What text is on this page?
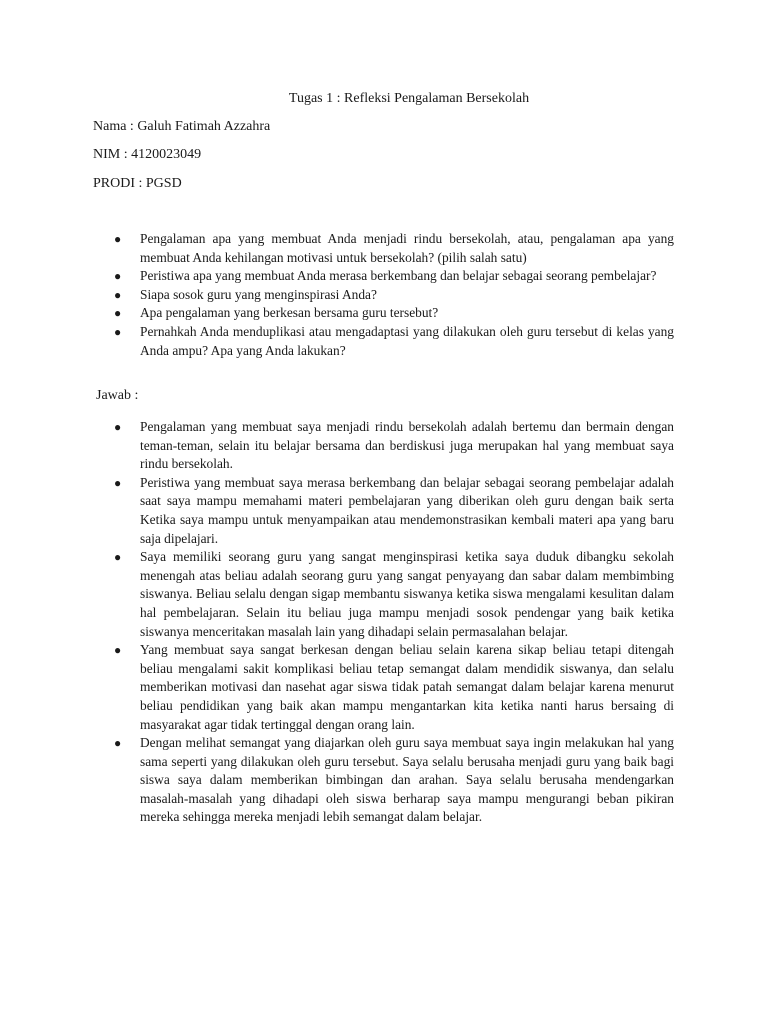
Tugas 1 : Refleksi Pengalaman Bersekolah
Nama : Galuh Fatimah Azzahra
NIM : 4120023049
PRODI : PGSD
● Pengalaman apa yang membuat Anda menjadi rindu bersekolah, atau, pengalaman apa yang membuat Anda kehilangan motivasi untuk bersekolah? (pilih salah satu)
● Peristiwa apa yang membuat Anda merasa berkembang dan belajar sebagai seorang pembelajar?
● Siapa sosok guru yang menginspirasi Anda?
● Apa pengalaman yang berkesan bersama guru tersebut?
● Pernahkah Anda menduplikasi atau mengadaptasi yang dilakukan oleh guru tersebut di kelas yang Anda ampu? Apa yang Anda lakukan?
Jawab :
● Pengalaman yang membuat saya menjadi rindu bersekolah adalah bertemu dan bermain dengan teman-teman, selain itu belajar bersama dan berdiskusi juga merupakan hal yang membuat saya rindu bersekolah.
● Peristiwa yang membuat saya merasa berkembang dan belajar sebagai seorang pembelajar adalah saat saya mampu memahami materi pembelajaran yang diberikan oleh guru dengan baik serta Ketika saya mampu untuk menyampaikan atau mendemonstrasikan kembali materi apa yang baru saja dipelajari.
● Saya memiliki seorang guru yang sangat menginspirasi ketika saya duduk dibangku sekolah menengah atas beliau adalah seorang guru yang sangat penyayang dan sabar dalam membimbing siswanya. Beliau selalu dengan sigap membantu siswanya ketika siswa mengalami kesulitan dalam hal pembelajaran. Selain itu beliau juga mampu menjadi sosok pendengar yang baik ketika siswanya menceritakan masalah lain yang dihadapi selain permasalahan belajar.
● Yang membuat saya sangat berkesan dengan beliau selain karena sikap beliau tetapi ditengah beliau mengalami sakit komplikasi beliau tetap semangat dalam mendidik siswanya, dan selalu memberikan motivasi dan nasehat agar siswa tidak patah semangat dalam belajar karena menurut beliau pendidikan yang baik akan mampu mengantarkan kita ketika nanti harus bersaing di masyarakat agar tidak tertinggal dengan orang lain.
● Dengan melihat semangat yang diajarkan oleh guru saya membuat saya ingin melakukan hal yang sama seperti yang dilakukan oleh guru tersebut. Saya selalu berusaha menjadi guru yang baik bagi siswa saya dalam memberikan bimbingan dan arahan. Saya selalu berusaha mendengarkan masalah-masalah yang dihadapi oleh siswa berharap saya mampu mengurangi beban pikiran mereka sehingga mereka menjadi lebih semangat dalam belajar.
